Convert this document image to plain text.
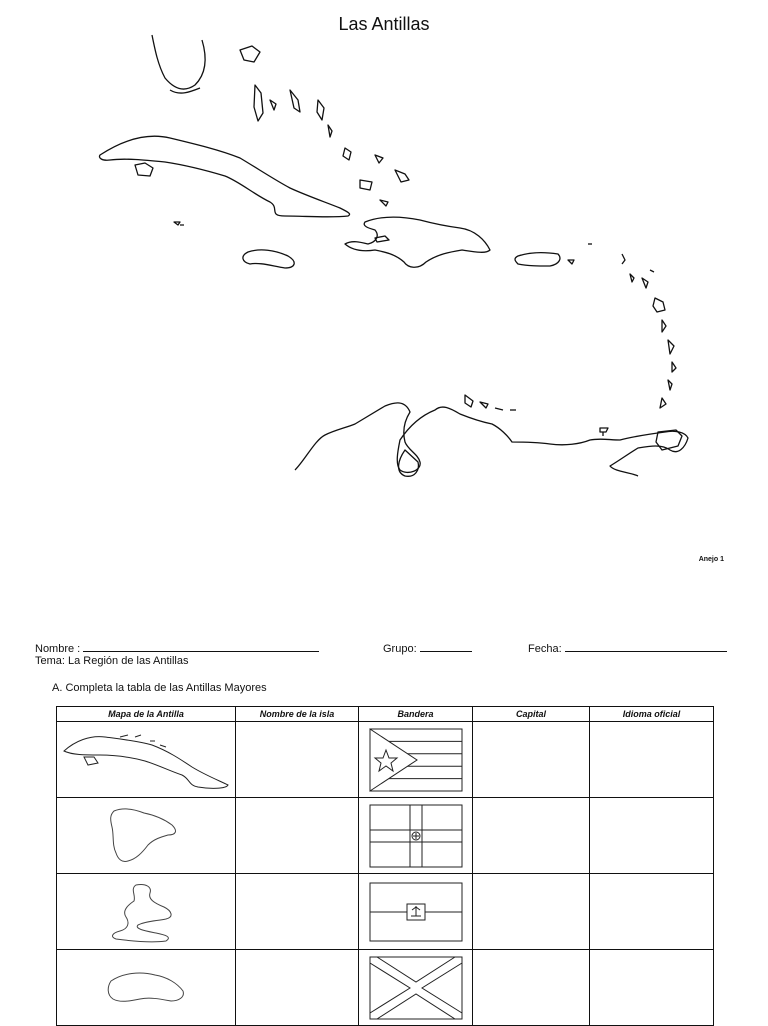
Las Antillas
Anejo 1
Nombre :	Grupo:	Fecha:
Tema: La Región de las Antillas
A. Completa la tabla de las Antillas Mayores
Mapa de la Antilla	Nombre de la isla	Bandera	Capital	Idioma oficial
